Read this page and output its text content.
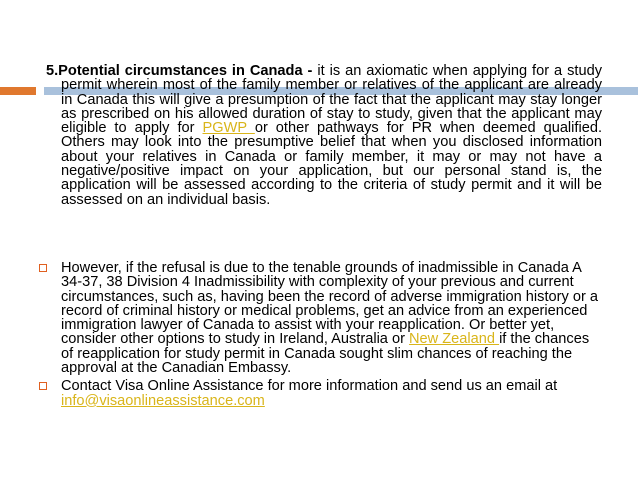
5.Potential circumstances in Canada - it is an axiomatic when applying for a study permit wherein most of the family member or relatives of the applicant are already in Canada this will give a presumption of the fact that the applicant may stay longer as prescribed on his allowed duration of stay to study, given that the applicant may eligible to apply for PGWP or other pathways for PR when deemed qualified. Others may look into the presumptive belief that when you disclosed information about your relatives in Canada or family member, it may or may not have a negative/positive impact on your application, but our personal stand is, the application will be assessed according to the criteria of study permit and it will be assessed on an individual basis.
However, if the refusal is due to the tenable grounds of inadmissible in Canada A 34-37, 38 Division 4 Inadmissibility with complexity of your previous and current circumstances, such as, having been the record of adverse immigration history or a record of criminal history or medical problems, get an advice from an experienced immigration lawyer of Canada to assist with your reapplication. Or better yet, consider other options to study in Ireland, Australia or New Zealand if the chances of reapplication for study permit in Canada sought slim chances of reaching the approval at the Canadian Embassy.
Contact Visa Online Assistance for more information and send us an email at info@visaonlineassistance.com
